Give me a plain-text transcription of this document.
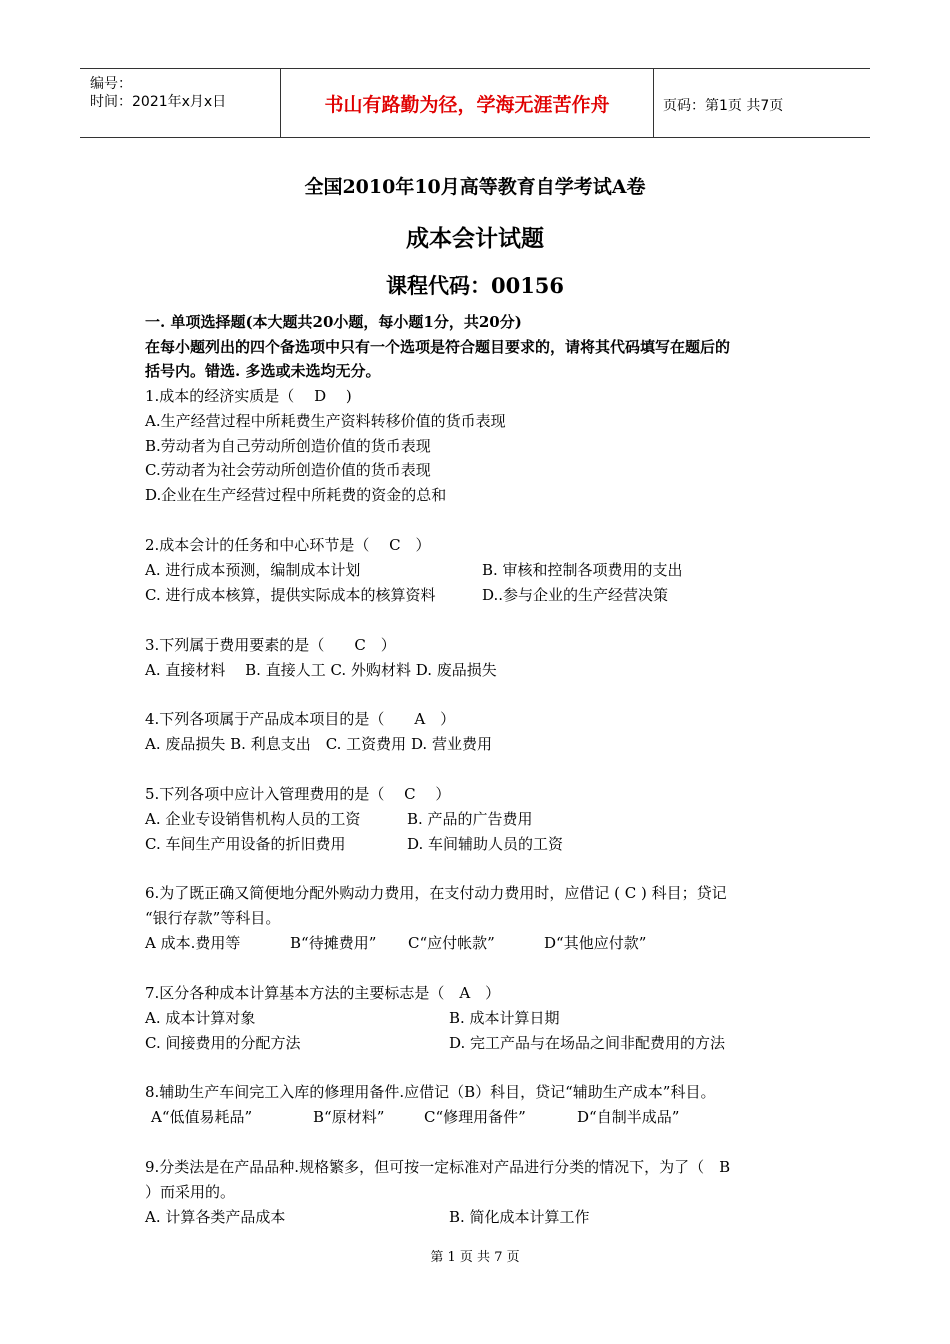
编号：
时间：2021年x月x日	书山有路勤为径，学海无涯苦作舟	页码：第1页 共7页
全国2010年10月高等教育自学考试A卷
成本会计试题
课程代码：00156
一. 单项选择题(本大题共20小题，每小题1分，共20分)
在每小题列出的四个备选项中只有一个选项是符合题目要求的，请将其代码填写在题后的
括号内。错选. 多选或未选均无分。
1.成本的经济实质是（　 D　 )
A.生产经营过程中所耗费生产资料转移价值的货币表现
B.劳动者为自己劳动所创造价值的货币表现
C.劳动者为社会劳动所创造价值的货币表现
D.企业在生产经营过程中所耗费的资金的总和
2.成本会计的任务和中心环节是（　 C　）
A. 进行成本预测，编制成本计划	B. 审核和控制各项费用的支出
C. 进行成本核算，提供实际成本的核算资料	D..参与企业的生产经营决策
3.下列属于费用要素的是（　　C　）
A. 直接材料　 B. 直接人工 C. 外购材料 D. 废品损失
4.下列各项属于产品成本项目的是（　　A　）
A. 废品损失 B. 利息支出　C. 工资费用 D. 营业费用
5.下列各项中应计入管理费用的是（　 C　 ）
A. 企业专设销售机构人员的工资	B. 产品的广告费用
C. 车间生产用设备的折旧费用	D. 车间辅助人员的工资
6.为了既正确又简便地分配外购动力费用，在支付动力费用时，应借记 ( C ) 科目；贷记
“银行存款”等科目。
A 成本.费用等	B“待摊费用” C“应付帐款”	D“其他应付款”
7.区分各种成本计算基本方法的主要标志是（　A　）
A. 成本计算对象	B. 成本计算日期
C. 间接费用的分配方法	D. 完工产品与在场品之间非配费用的方法
8.辅助生产车间完工入库的修理用备件.应借记（B）科目，贷记“辅助生产成本”科目。
A“低值易耗品”	B“原材料”	C“修理用备件”	D“自制半成品”
9.分类法是在产品品种.规格繁多，但可按一定标准对产品进行分类的情况下，为了（　B
）而采用的。
A. 计算各类产品成本	B. 简化成本计算工作
第 1 页 共 7 页
